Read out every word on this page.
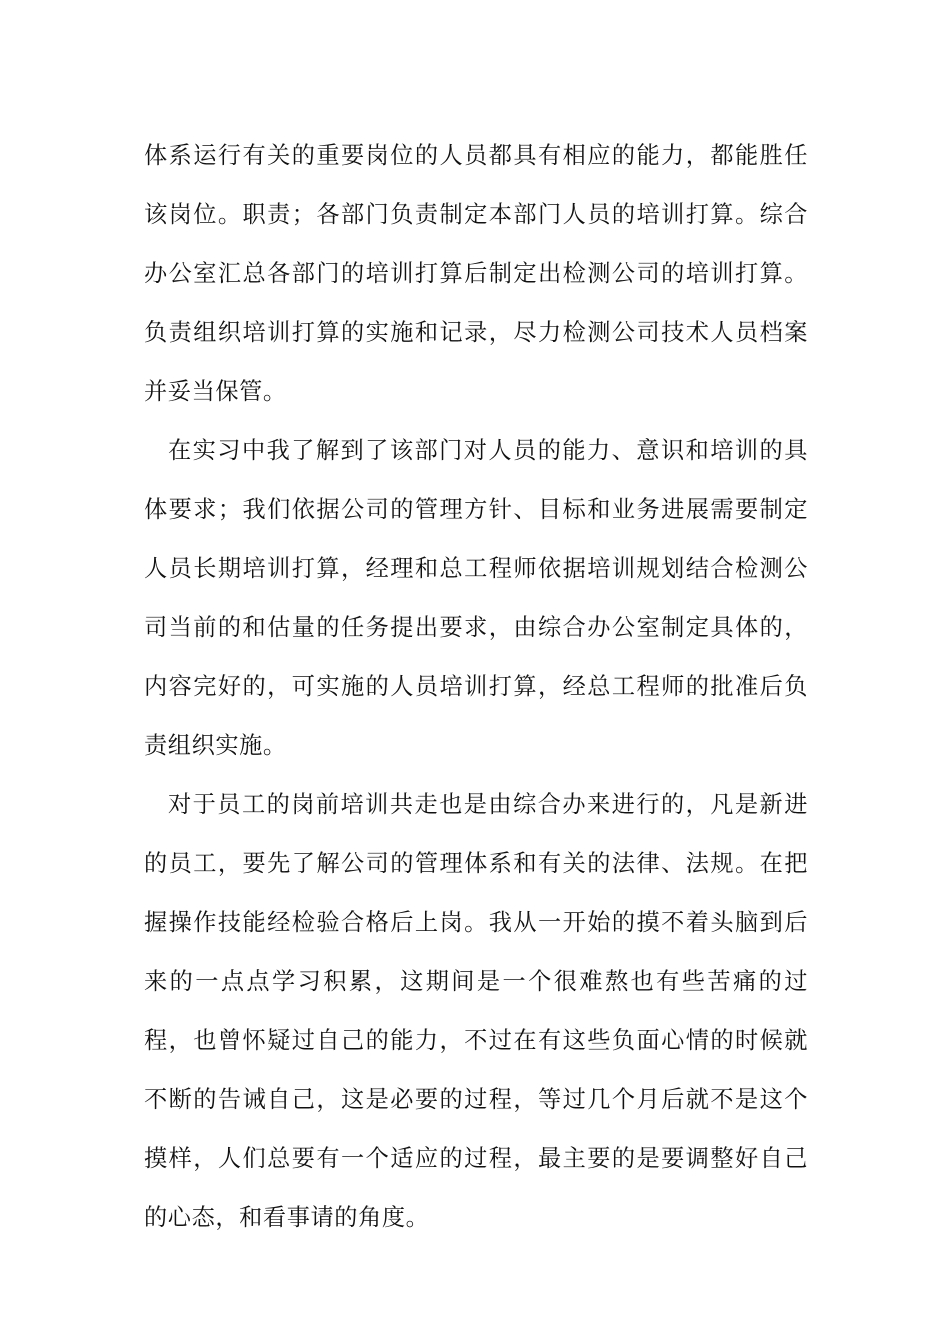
体系运行有关的重要岗位的人员都具有相应的能力，都能胜任该岗位。职责；各部门负责制定本部门人员的培训打算。综合办公室汇总各部门的培训打算后制定出检测公司的培训打算。负责组织培训打算的实施和记录，尽力检测公司技术人员档案并妥当保管。

在实习中我了解到了该部门对人员的能力、意识和培训的具体要求；我们依据公司的管理方针、目标和业务进展需要制定人员长期培训打算，经理和总工程师依据培训规划结合检测公司当前的和估量的任务提出要求，由综合办公室制定具体的，内容完好的，可实施的人员培训打算，经总工程师的批准后负责组织实施。

对于员工的岗前培训共走也是由综合办来进行的，凡是新进的员工，要先了解公司的管理体系和有关的法律、法规。在把握操作技能经检验合格后上岗。我从一开始的摸不着头脑到后来的一点点学习积累，这期间是一个很难熬也有些苦痛的过程，也曾怀疑过自己的能力，不过在有这些负面心情的时候就不断的告诫自己，这是必要的过程，等过几个月后就不是这个摸样，人们总要有一个适应的过程，最主要的是要调整好自己的心态，和看事请的角度。
